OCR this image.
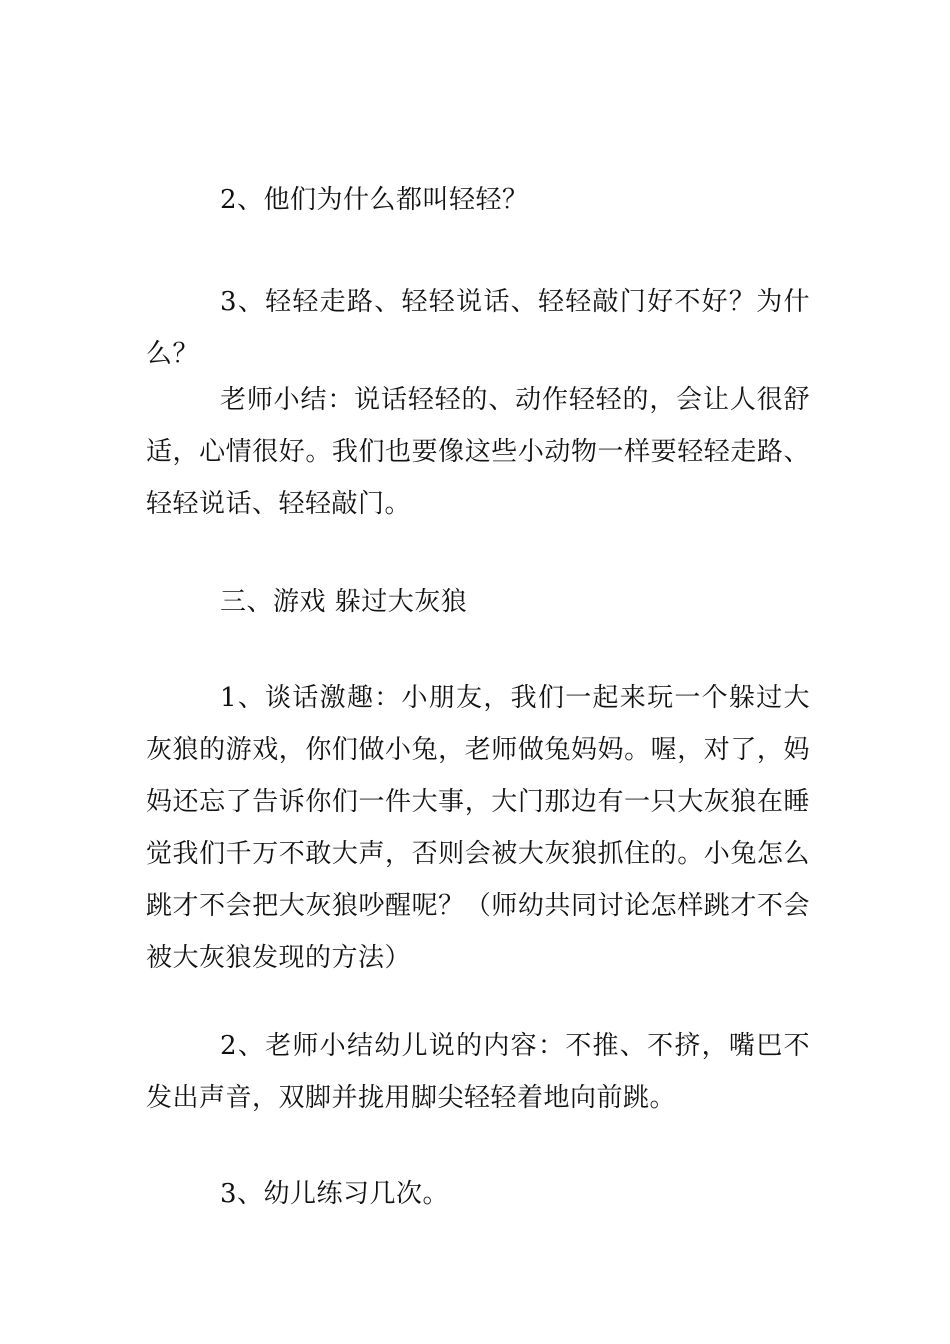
2、他们为什么都叫轻轻？

3、轻轻走路、轻轻说话、轻轻敲门好不好？为什么？

老师小结：说话轻轻的、动作轻轻的，会让人很舒适，心情很好。我们也要像这些小动物一样要轻轻走路、轻轻说话、轻轻敲门。

三、游戏 躲过大灰狼

1、谈话激趣：小朋友，我们一起来玩一个躲过大灰狼的游戏，你们做小兔，老师做兔妈妈。喔，对了，妈妈还忘了告诉你们一件大事，大门那边有一只大灰狼在睡觉我们千万不敢大声，否则会被大灰狼抓住的。小兔怎么跳才不会把大灰狼吵醒呢？（师幼共同讨论怎样跳才不会被大灰狼发现的方法）

2、老师小结幼儿说的内容：不推、不挤，嘴巴不发出声音，双脚并拢用脚尖轻轻着地向前跳。

3、幼儿练习几次。
